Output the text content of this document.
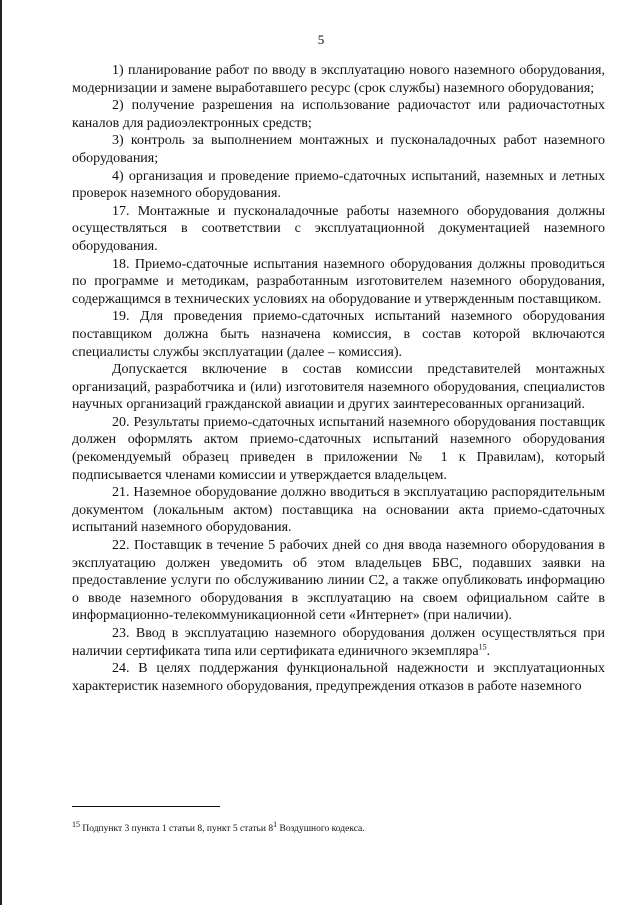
5

1) планирование работ по вводу в эксплуатацию нового наземного оборудования, модернизации и замене выработавшего ресурс (срок службы) наземного оборудования;

2) получение разрешения на использование радиочастот или радиочастотных каналов для радиоэлектронных средств;

3) контроль за выполнением монтажных и пусконаладочных работ наземного оборудования;

4) организация и проведение приемо-сдаточных испытаний, наземных и летных проверок наземного оборудования.

17. Монтажные и пусконаладочные работы наземного оборудования должны осуществляться в соответствии с эксплуатационной документацией наземного оборудования.

18. Приемо-сдаточные испытания наземного оборудования должны проводиться по программе и методикам, разработанным изготовителем наземного оборудования, содержащимся в технических условиях на оборудование и утвержденным поставщиком.

19. Для проведения приемо-сдаточных испытаний наземного оборудования поставщиком должна быть назначена комиссия, в состав которой включаются специалисты службы эксплуатации (далее – комиссия).

Допускается включение в состав комиссии представителей монтажных организаций, разработчика и (или) изготовителя наземного оборудования, специалистов научных организаций гражданской авиации и других заинтересованных организаций.

20. Результаты приемо-сдаточных испытаний наземного оборудования поставщик должен оформлять актом приемо-сдаточных испытаний наземного оборудования (рекомендуемый образец приведен в приложении № 1 к Правилам), который подписывается членами комиссии и утверждается владельцем.

21. Наземное оборудование должно вводиться в эксплуатацию распорядительным документом (локальным актом) поставщика на основании акта приемо-сдаточных испытаний наземного оборудования.

22. Поставщик в течение 5 рабочих дней со дня ввода наземного оборудования в эксплуатацию должен уведомить об этом владельцев БВС, подавших заявки на предоставление услуги по обслуживанию линии С2, а также опубликовать информацию о вводе наземного оборудования в эксплуатацию на своем официальном сайте в информационно-телекоммуникационной сети «Интернет» (при наличии).

23. Ввод в эксплуатацию наземного оборудования должен осуществляться при наличии сертификата типа или сертификата единичного экземпляра$^{15}$.

24. В целях поддержания функциональной надежности и эксплуатационных характеристик наземного оборудования, предупреждения отказов в работе наземного

$^{15}$ Подпункт 3 пункта 1 статьи 8, пункт 5 статьи $8^1$ Воздушного кодекса.
